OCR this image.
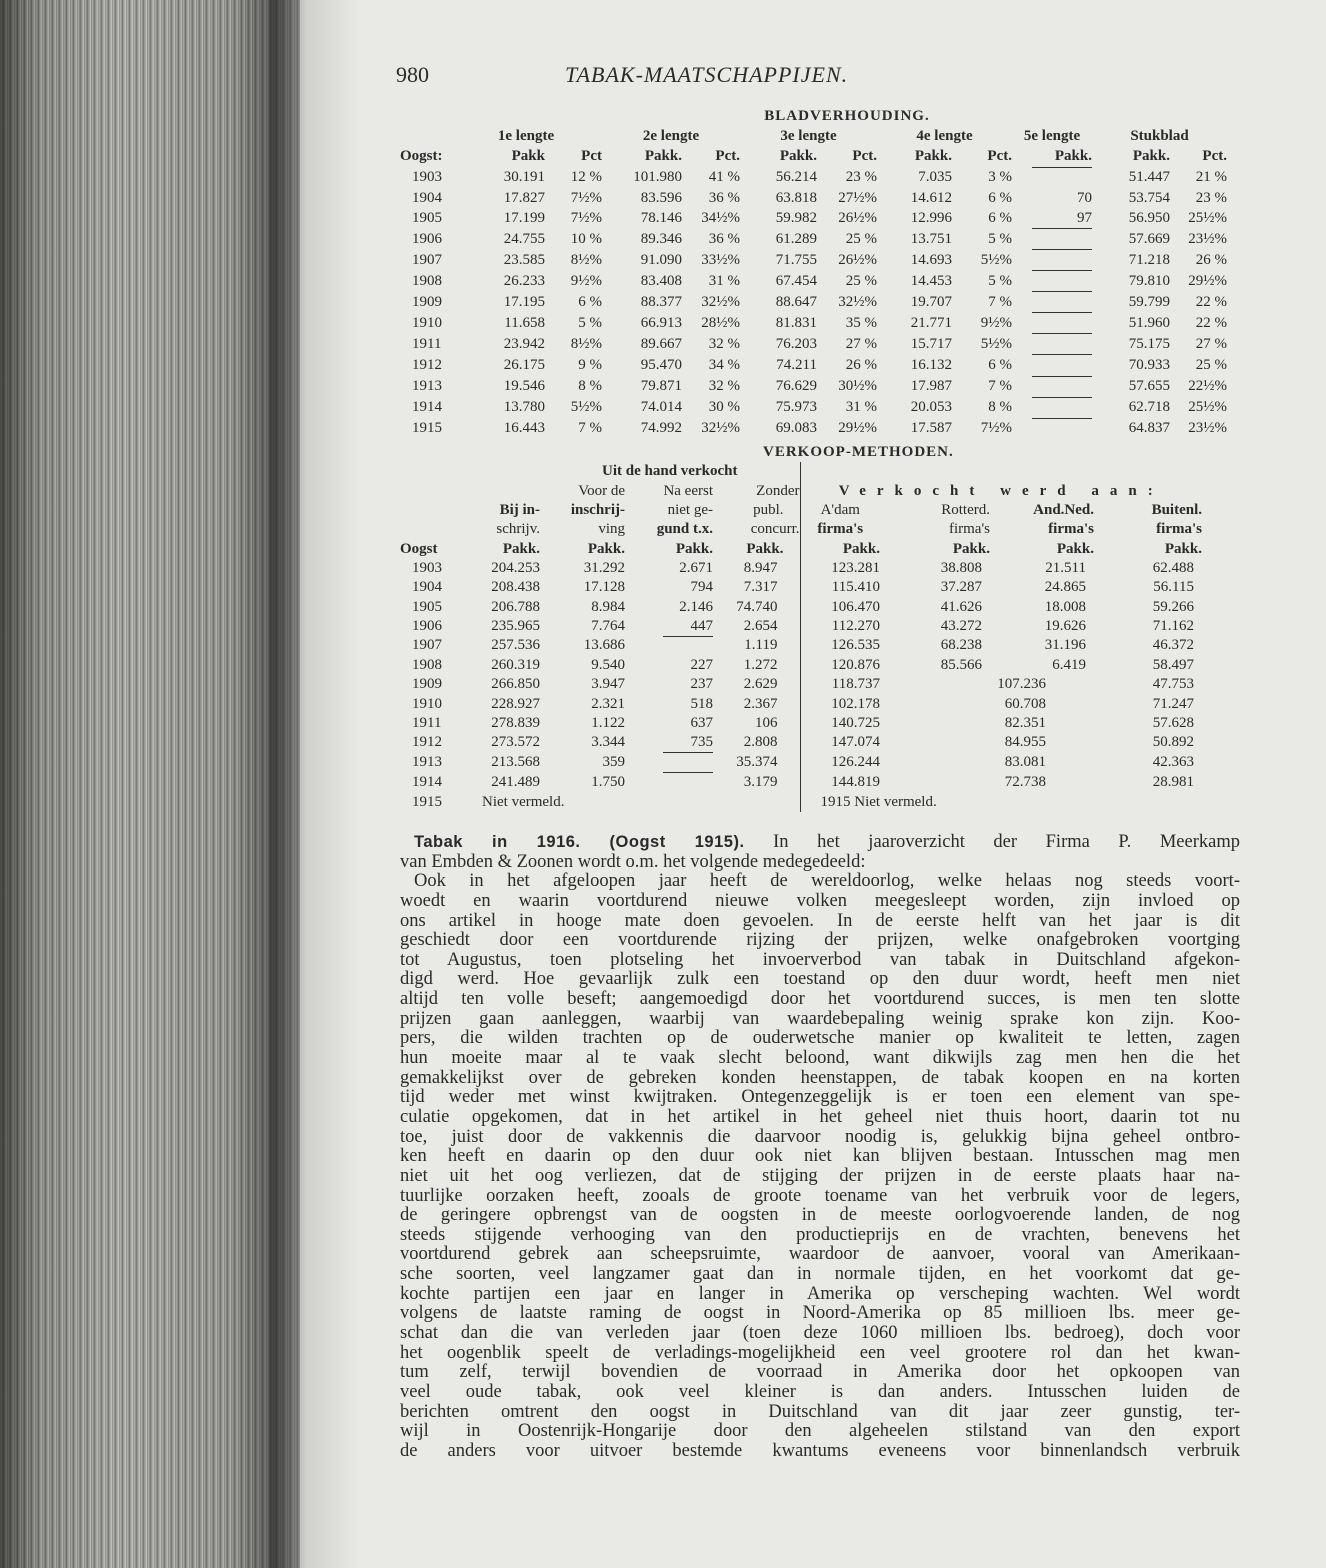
980	TABAK-MAATSCHAPPIJEN.
			BLADVERHOUDING.								
	1e lengte		2e lengte		3e lengte		4e lengte		5e lengte	Stukblad	
Oogst:	Pakk	Pct	Pakk.	Pct.	Pakk.	Pct.	Pakk.	Pct.	Pakk.	Pakk.	Pct.
1903	30.191	12 %	101.980	41 %	56.214	23 %	7.035	3 %		51.447	21 %
1904	17.827	7½%	83.596	36 %	63.818	27½%	14.612	6 %	70	53.754	23 %
1905	17.199	7½%	78.146	34½%	59.982	26½%	12.996	6 %	97	56.950	25½%
1906	24.755	10 %	89.346	36 %	61.289	25 %	13.751	5 %		57.669	23½%
1907	23.585	8½%	91.090	33½%	71.755	26½%	14.693	5½%		71.218	26 %
1908	26.233	9½%	83.408	31 %	67.454	25 %	14.453	5 %		79.810	29½%
1909	17.195	6 %	88.377	32½%	88.647	32½%	19.707	7 %		59.799	22 %
1910	11.658	5 %	66.913	28½%	81.831	35 %	21.771	9½%		51.960	22 %
1911	23.942	8½%	89.667	32 %	76.203	27 %	15.717	5½%		75.175	27 %
1912	26.175	9 %	95.470	34 %	74.211	26 %	16.132	6 %		70.933	25 %
1913	19.546	8 %	79.871	32 %	76.629	30½%	17.987	7 %		57.655	22½%
1914	13.780	5½%	74.014	30 %	75.973	31 %	20.053	8 %		62.718	25½%
1915	16.443	7 %	74.992	32½%	69.083	29½%	17.587	7½%		64.837	23½%
				VERKOOP-METHODEN.				
		Uit de hand verkocht						
		Voor de	Na eerst	Zonder	Verkocht werd aan:			
	Bij in-	inschrij-	niet ge-	publ.	A'dam	Rotterd.	And.Ned.	Buitenl.
	schrijv.	ving	gund t.x.	concurr.	firma's	firma's	firma's	firma's
Oogst	Pakk.	Pakk.	Pakk.	Pakk.	Pakk.	Pakk.	Pakk.	Pakk.
1903	204.253	31.292	2.671	8.947	123.281	38.808	21.511	62.488
1904	208.438	17.128	794	7.317	115.410	37.287	24.865	56.115
1905	206.788	8.984	2.146	74.740	106.470	41.626	18.008	59.266
1906	235.965	7.764	447	2.654	112.270	43.272	19.626	71.162
1907	257.536	13.686		1.119	126.535	68.238	31.196	46.372
1908	260.319	9.540	227	1.272	120.876	85.566	6.419	58.497
1909	266.850	3.947	237	2.629	118.737	107.236		47.753
1910	228.927	2.321	518	2.367	102.178	60.708		71.247
1911	278.839	1.122	637	106	140.725	82.351		57.628
1912	273.572	3.344	735	2.808	147.074	84.955		50.892
1913	213.568	359		35.374	126.244	83.081		42.363
1914	241.489	1.750		3.179	144.819	72.738		28.981
1915	Niet vermeld.				1915 Niet vermeld.			
Tabak in 1916. (Oogst 1915). In het jaaroverzicht der Firma P. Meerkamp
van Embden & Zoonen wordt o.m. het volgende medegedeeld:
Ook in het afgeloopen jaar heeft de wereldoorlog, welke helaas nog steeds voort-
woedt en waarin voortdurend nieuwe volken meegesleept worden, zijn invloed op
ons artikel in hooge mate doen gevoelen. In de eerste helft van het jaar is dit
geschiedt door een voortdurende rijzing der prijzen, welke onafgebroken voortging
tot Augustus, toen plotseling het invoerverbod van tabak in Duitschland afgekon-
digd werd. Hoe gevaarlijk zulk een toestand op den duur wordt, heeft men niet
altijd ten volle beseft; aangemoedigd door het voortdurend succes, is men ten slotte
prijzen gaan aanleggen, waarbij van waardebepaling weinig sprake kon zijn. Koo-
pers, die wilden trachten op de ouderwetsche manier op kwaliteit te letten, zagen
hun moeite maar al te vaak slecht beloond, want dikwijls zag men hen die het
gemakkelijkst over de gebreken konden heenstappen, de tabak koopen en na korten
tijd weder met winst kwijtraken. Ontegenzeggelijk is er toen een element van spe-
culatie opgekomen, dat in het artikel in het geheel niet thuis hoort, daarin tot nu
toe, juist door de vakkennis die daarvoor noodig is, gelukkig bijna geheel ontbro-
ken heeft en daarin op den duur ook niet kan blijven bestaan. Intusschen mag men
niet uit het oog verliezen, dat de stijging der prijzen in de eerste plaats haar na-
tuurlijke oorzaken heeft, zooals de groote toename van het verbruik voor de legers,
de geringere opbrengst van de oogsten in de meeste oorlogvoerende landen, de nog
steeds stijgende verhooging van den productieprijs en de vrachten, benevens het
voortdurend gebrek aan scheepsruimte, waardoor de aanvoer, vooral van Amerikaan-
sche soorten, veel langzamer gaat dan in normale tijden, en het voorkomt dat ge-
kochte partijen een jaar en langer in Amerika op verscheping wachten. Wel wordt
volgens de laatste raming de oogst in Noord-Amerika op 85 millioen lbs. meer ge-
schat dan die van verleden jaar (toen deze 1060 millioen lbs. bedroeg), doch voor
het oogenblik speelt de verladings-mogelijkheid een veel grootere rol dan het kwan-
tum zelf, terwijl bovendien de voorraad in Amerika door het opkoopen van
veel oude tabak, ook veel kleiner is dan anders. Intusschen luiden de
berichten omtrent den oogst in Duitschland van dit jaar zeer gunstig, ter-
wijl in Oostenrijk-Hongarije door den algeheelen stilstand van den export
de anders voor uitvoer bestemde kwantums eveneens voor binnenlandsch verbruik
